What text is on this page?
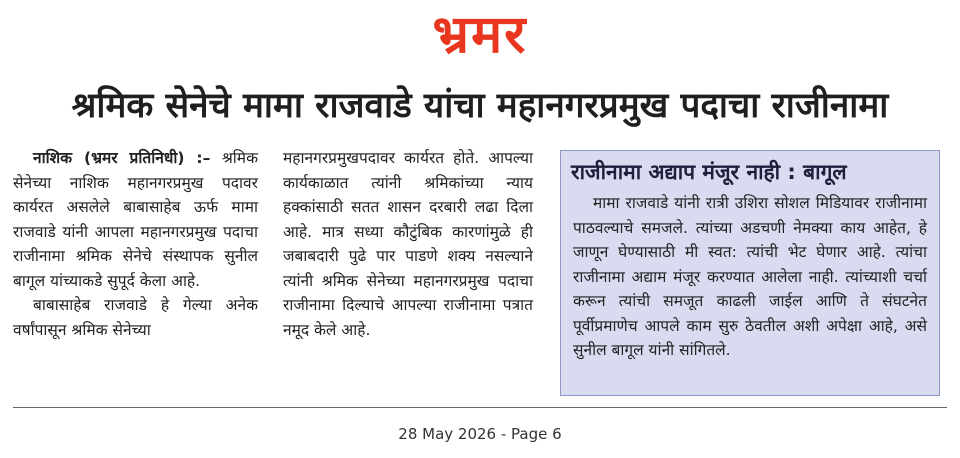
भ्रमर
श्रमिक सेनेचे मामा राजवाडे यांचा महानगरप्रमुख पदाचा राजीनामा

नाशिक (भ्रमर प्रतिनिधी) :– श्रमिक सेनेच्या नाशिक महानगरप्रमुख पदावर कार्यरत असलेले बाबासाहेब ऊर्फ मामा राजवाडे यांनी आपला महानगरप्रमुख पदाचा राजीनामा श्रमिक सेनेचे संस्थापक सुनील बागूल यांच्याकडे सुपूर्द केला आहे.

बाबासाहेब राजवाडे हे गेल्या अनेक वर्षांपासून श्रमिक सेनेच्या

महानगरप्रमुखपदावर कार्यरत होते. आपल्या कार्यकाळात त्यांनी श्रमिकांच्या न्याय हक्कांसाठी सतत शासन दरबारी लढा दिला आहे. मात्र सध्या कौटुंबिक कारणांमुळे ही जबाबदारी पुढे पार पाडणे शक्य नसल्याने त्यांनी श्रमिक सेनेच्या महानगरप्रमुख पदाचा राजीनामा दिल्याचे आपल्या राजीनामा पत्रात नमूद केले आहे.

राजीनामा अद्याप मंजूर नाही : बागूल

मामा राजवाडे यांनी रात्री उशिरा सोशल मिडियावर राजीनामा पाठवल्याचे समजले. त्यांच्या अडचणी नेमक्या काय आहेत, हे जाणून घेण्यासाठी मी स्वत: त्यांची भेट घेणार आहे. त्यांचा राजीनामा अद्याम मंजूर करण्यात आलेला नाही. त्यांच्याशी चर्चा करून त्यांची समजूत काढली जाईल आणि ते संघटनेत पूर्वीप्रमाणेच आपले काम सुरु ठेवतील अशी अपेक्षा आहे, असे सुनील बागूल यांनी सांगितले.

28 May 2026 - Page 6
